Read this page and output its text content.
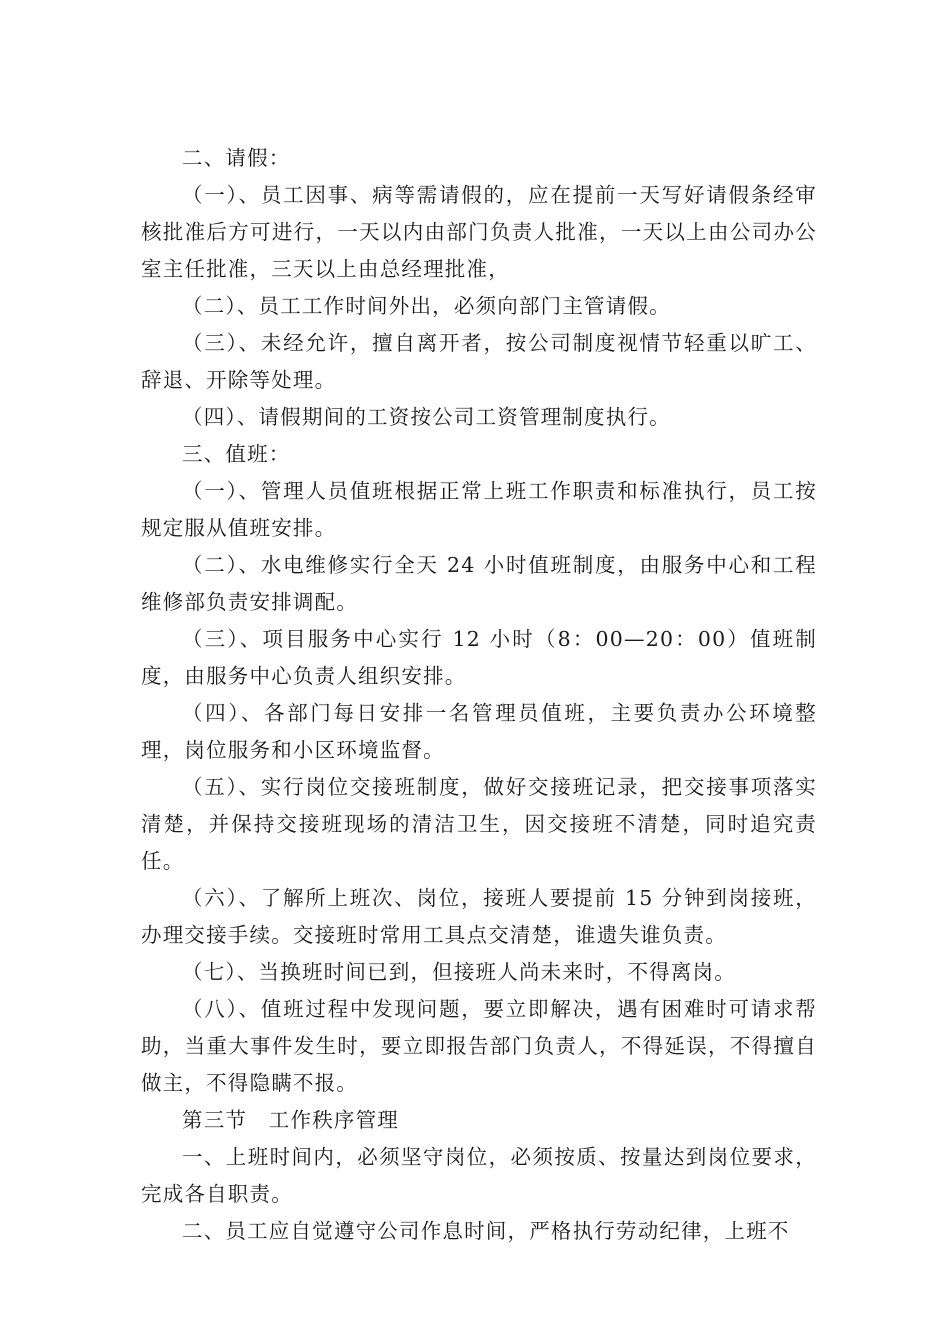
二、请假：

（一）、员工因事、病等需请假的，应在提前一天写好请假条经审核批准后方可进行，一天以内由部门负责人批准，一天以上由公司办公室主任批准，三天以上由总经理批准，

（二）、员工工作时间外出，必须向部门主管请假。

（三）、未经允许，擅自离开者，按公司制度视情节轻重以旷工、辞退、开除等处理。

（四）、请假期间的工资按公司工资管理制度执行。

三、值班：

（一）、管理人员值班根据正常上班工作职责和标准执行，员工按规定服从值班安排。

（二）、水电维修实行全天 24 小时值班制度，由服务中心和工程维修部负责安排调配。

（三）、项目服务中心实行 12 小时（8：00—20：00）值班制度，由服务中心负责人组织安排。

（四）、各部门每日安排一名管理员值班，主要负责办公环境整理，岗位服务和小区环境监督。

（五）、实行岗位交接班制度，做好交接班记录，把交接事项落实清楚，并保持交接班现场的清洁卫生，因交接班不清楚，同时追究责任。

（六）、了解所上班次、岗位，接班人要提前 15 分钟到岗接班，办理交接手续。交接班时常用工具点交清楚，谁遗失谁负责。

（七）、当换班时间已到，但接班人尚未来时，不得离岗。

（八）、值班过程中发现问题，要立即解决，遇有困难时可请求帮助，当重大事件发生时，要立即报告部门负责人，不得延误，不得擅自做主，不得隐瞒不报。

第三节　工作秩序管理

一、上班时间内，必须坚守岗位，必须按质、按量达到岗位要求，完成各自职责。

二、员工应自觉遵守公司作息时间，严格执行劳动纪律，上班不
